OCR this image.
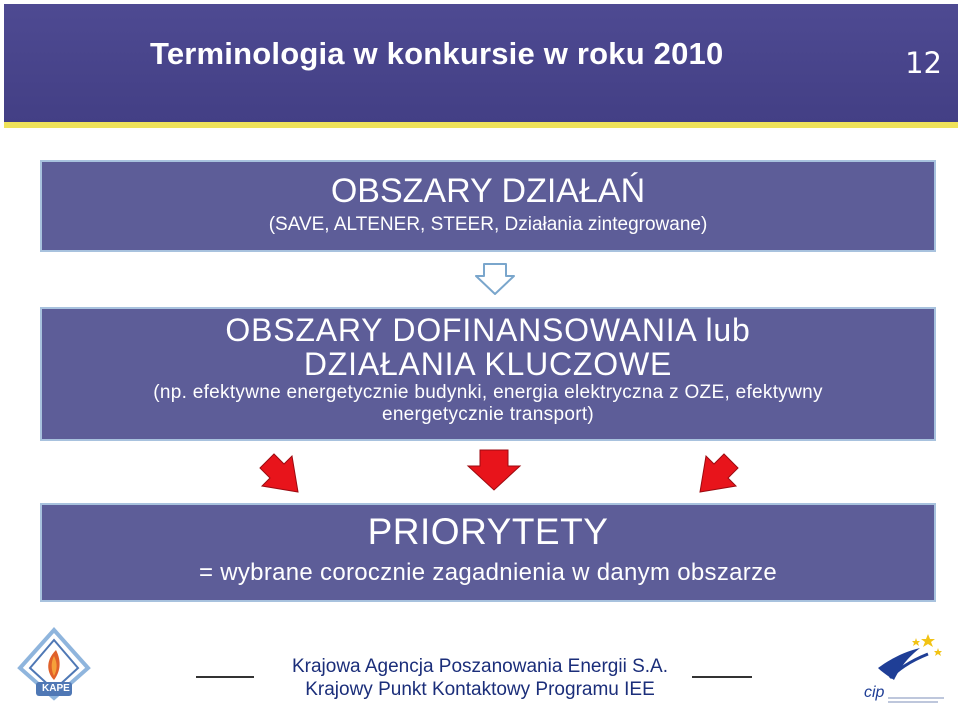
Terminologia w konkursie w roku 2010	12
OBSZARY DZIAŁAŃ
(SAVE, ALTENER, STEER, Działania zintegrowane)
OBSZARY DOFINANSOWANIA lub
DZIAŁANIA KLUCZOWE
(np. efektywne energetycznie budynki, energia elektryczna z OZE, efektywny
energetycznie transport)
PRIORYTETY
= wybrane corocznie zagadnienia w danym obszarze
KAPE
Krajowa Agencja Poszanowania Energii S.A.
Krajowy Punkt Kontaktowy Programu IEE	cip
